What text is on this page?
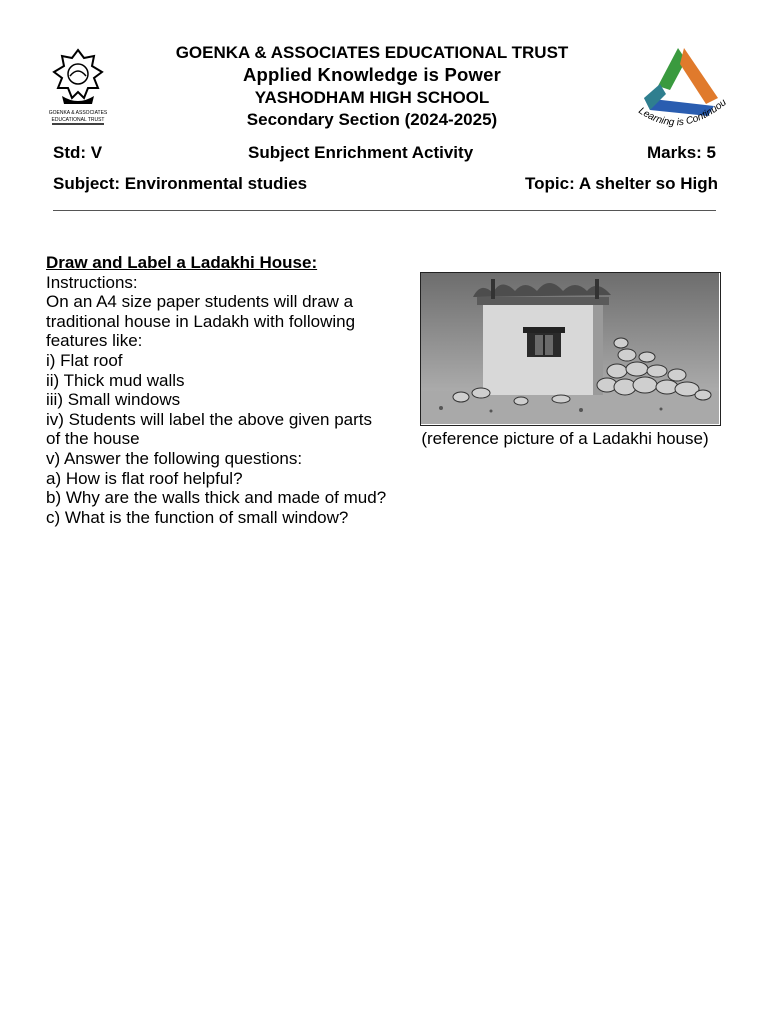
GOENKA & ASSOCIATES
EDUCATIONAL TRUST
Learning is Continuou
GOENKA & ASSOCIATES EDUCATIONAL TRUST
Applied Knowledge is Power
YASHODHAM HIGH SCHOOL
Secondary Section (2024-2025)
Std: V	Subject Enrichment Activity	Marks: 5
Subject: Environmental studies	Topic: A shelter so High
Draw and Label a Ladakhi House:
Instructions:
On an A4 size paper students will draw a
traditional house in Ladakh with following
features like:
i) Flat roof
ii) Thick mud walls
iii) Small windows
iv) Students will label the above given parts
of the house
v) Answer the following questions:
a) How is flat roof helpful?
b) Why are the walls thick and made of mud?
c) What is the function of small window?
(reference picture of a Ladakhi house)
